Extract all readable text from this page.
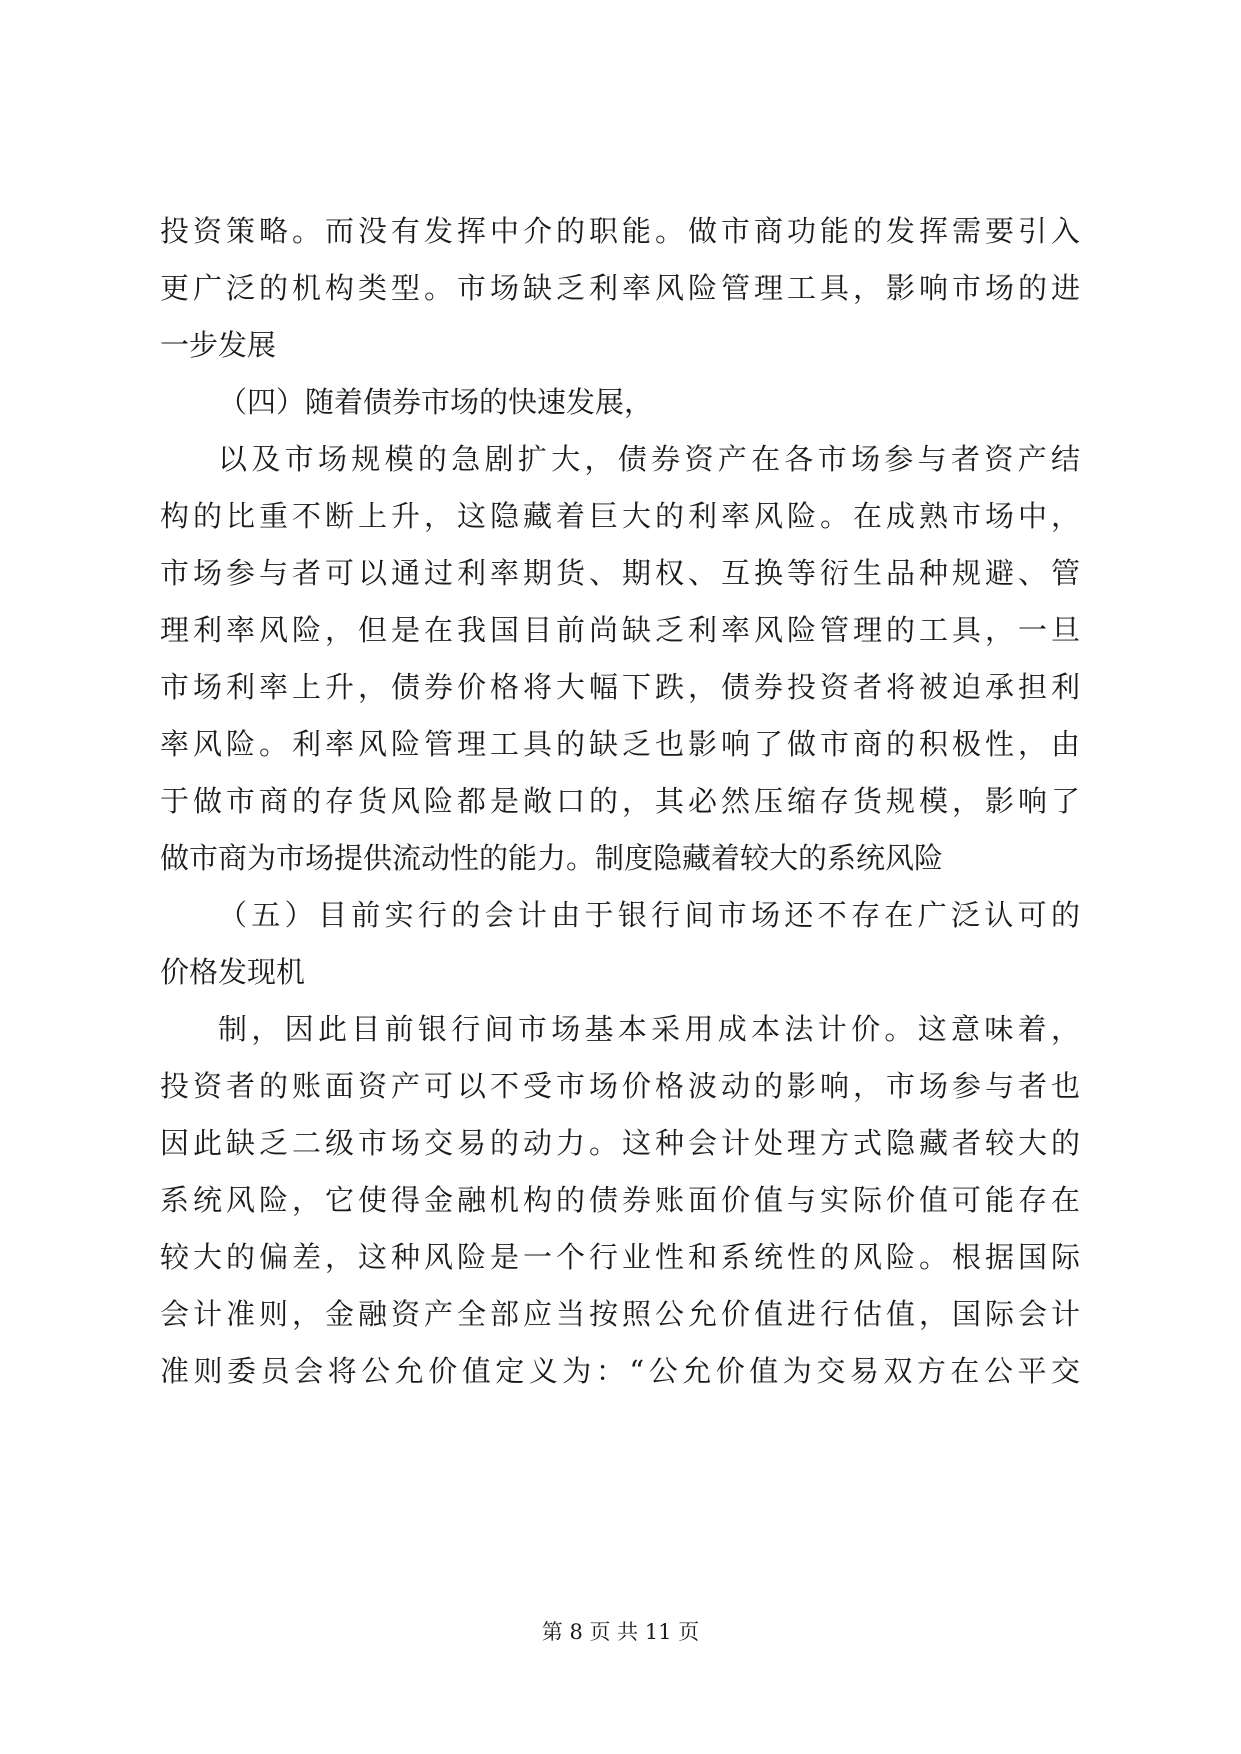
投资策略。而没有发挥中介的职能。做市商功能的发挥需要引入
更广泛的机构类型。市场缺乏利率风险管理工具，影响市场的进
一步发展
（四）随着债券市场的快速发展，
以及市场规模的急剧扩大，债券资产在各市场参与者资产结
构的比重不断上升，这隐藏着巨大的利率风险。在成熟市场中，
市场参与者可以通过利率期货、期权、互换等衍生品种规避、管
理利率风险，但是在我国目前尚缺乏利率风险管理的工具，一旦
市场利率上升，债券价格将大幅下跌，债券投资者将被迫承担利
率风险。利率风险管理工具的缺乏也影响了做市商的积极性，由
于做市商的存货风险都是敞口的，其必然压缩存货规模，影响了
做市商为市场提供流动性的能力。制度隐藏着较大的系统风险
（五）目前实行的会计由于银行间市场还不存在广泛认可的
价格发现机
制，因此目前银行间市场基本采用成本法计价。这意味着，
投资者的账面资产可以不受市场价格波动的影响，市场参与者也
因此缺乏二级市场交易的动力。这种会计处理方式隐藏者较大的
系统风险，它使得金融机构的债券账面价值与实际价值可能存在
较大的偏差，这种风险是一个行业性和系统性的风险。根据国际
会计准则，金融资产全部应当按照公允价值进行估值，国际会计
准则委员会将公允价值定义为：“公允价值为交易双方在公平交
第 8 页 共 11 页
